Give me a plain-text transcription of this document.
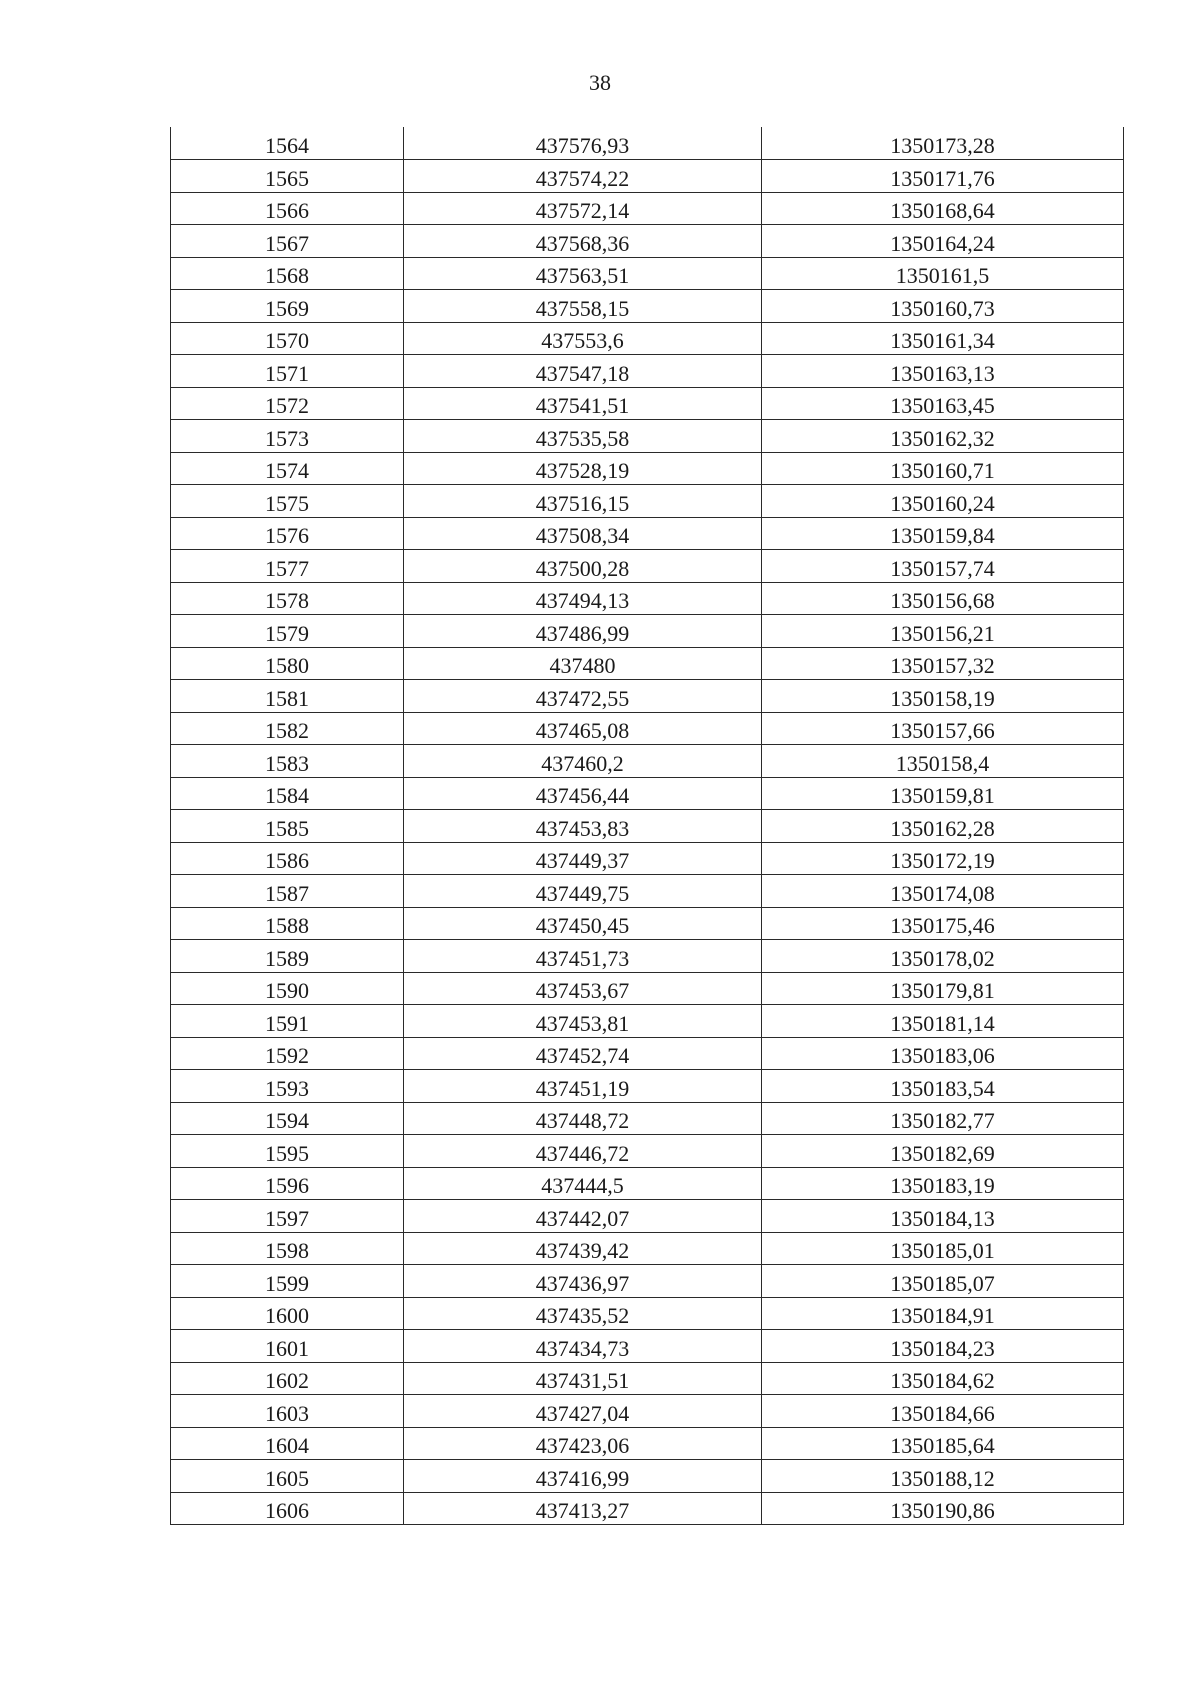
38
1564	437576,93	1350173,28
1565	437574,22	1350171,76
1566	437572,14	1350168,64
1567	437568,36	1350164,24
1568	437563,51	1350161,5
1569	437558,15	1350160,73
1570	437553,6	1350161,34
1571	437547,18	1350163,13
1572	437541,51	1350163,45
1573	437535,58	1350162,32
1574	437528,19	1350160,71
1575	437516,15	1350160,24
1576	437508,34	1350159,84
1577	437500,28	1350157,74
1578	437494,13	1350156,68
1579	437486,99	1350156,21
1580	437480	1350157,32
1581	437472,55	1350158,19
1582	437465,08	1350157,66
1583	437460,2	1350158,4
1584	437456,44	1350159,81
1585	437453,83	1350162,28
1586	437449,37	1350172,19
1587	437449,75	1350174,08
1588	437450,45	1350175,46
1589	437451,73	1350178,02
1590	437453,67	1350179,81
1591	437453,81	1350181,14
1592	437452,74	1350183,06
1593	437451,19	1350183,54
1594	437448,72	1350182,77
1595	437446,72	1350182,69
1596	437444,5	1350183,19
1597	437442,07	1350184,13
1598	437439,42	1350185,01
1599	437436,97	1350185,07
1600	437435,52	1350184,91
1601	437434,73	1350184,23
1602	437431,51	1350184,62
1603	437427,04	1350184,66
1604	437423,06	1350185,64
1605	437416,99	1350188,12
1606	437413,27	1350190,86
